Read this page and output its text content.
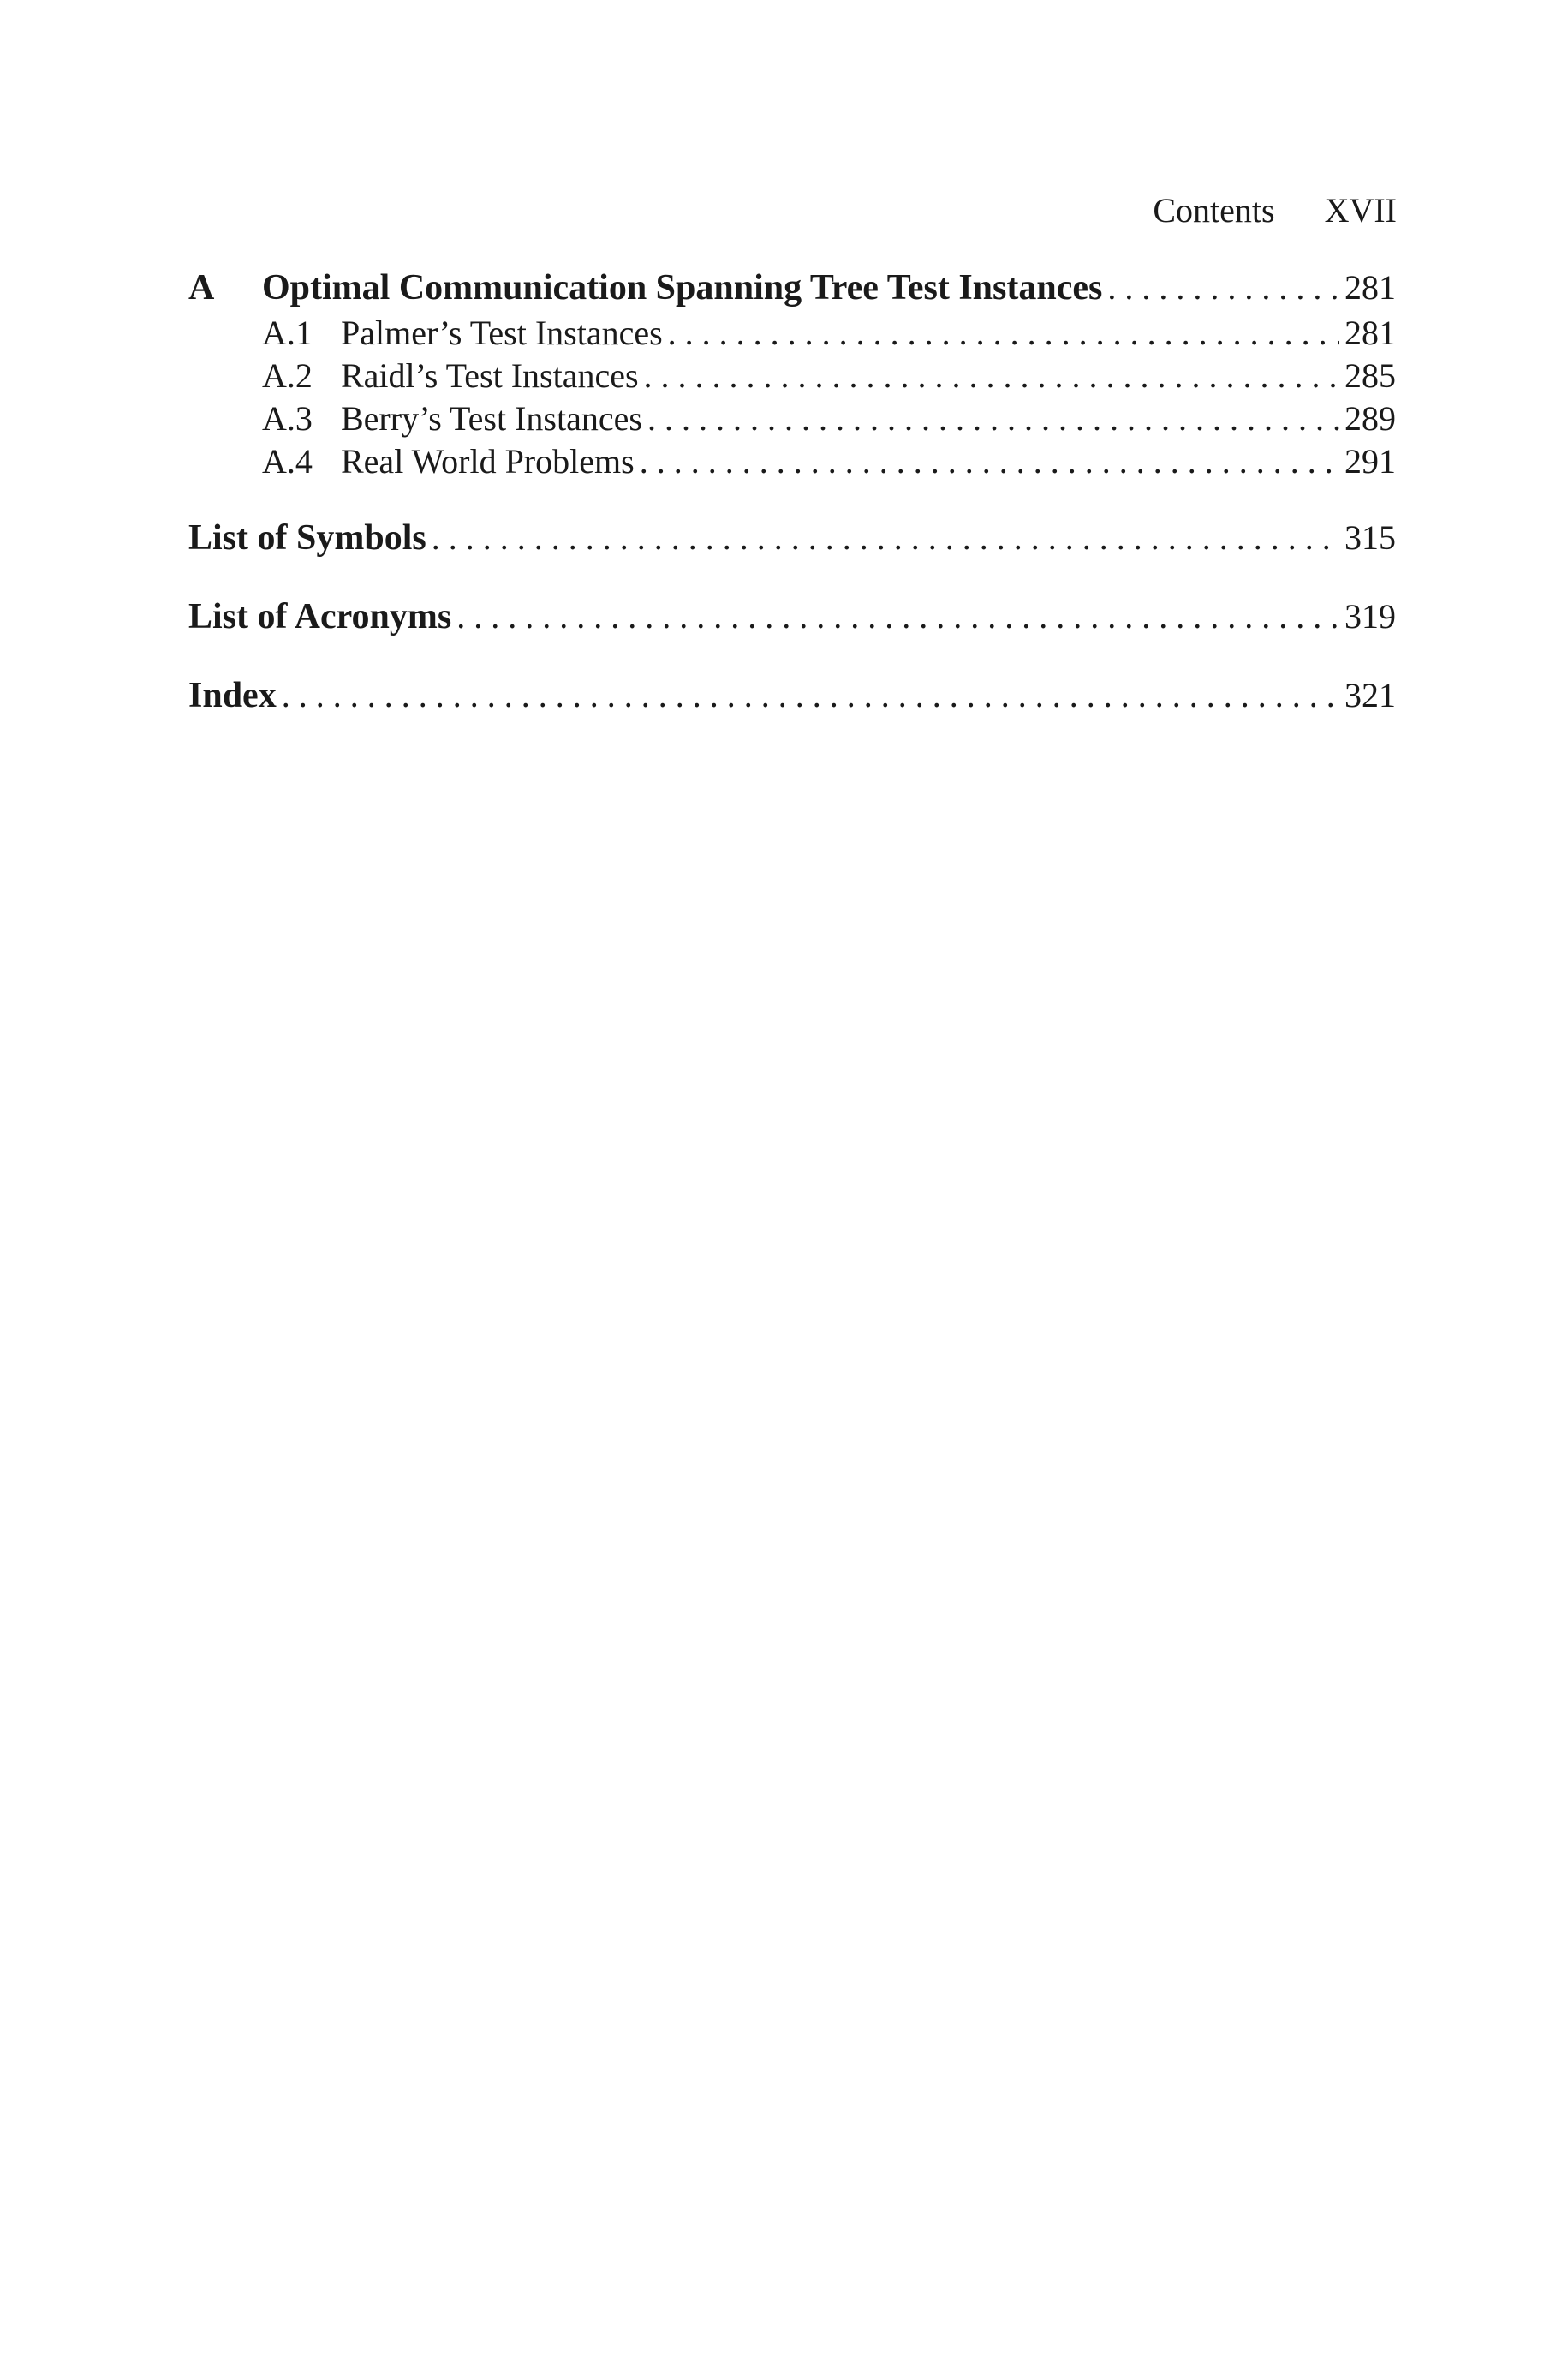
Contents XVII
A	Optimal Communication Spanning Tree Test Instances . . .	281
A.1 Palmer’s Test Instances . . .	281
A.2 Raidl’s Test Instances . . .	285
A.3 Berry’s Test Instances . . .	289
A.4 Real World Problems . . .	291
List of Symbols . . .	315
List of Acronyms . . .	319
Index . . .	321
